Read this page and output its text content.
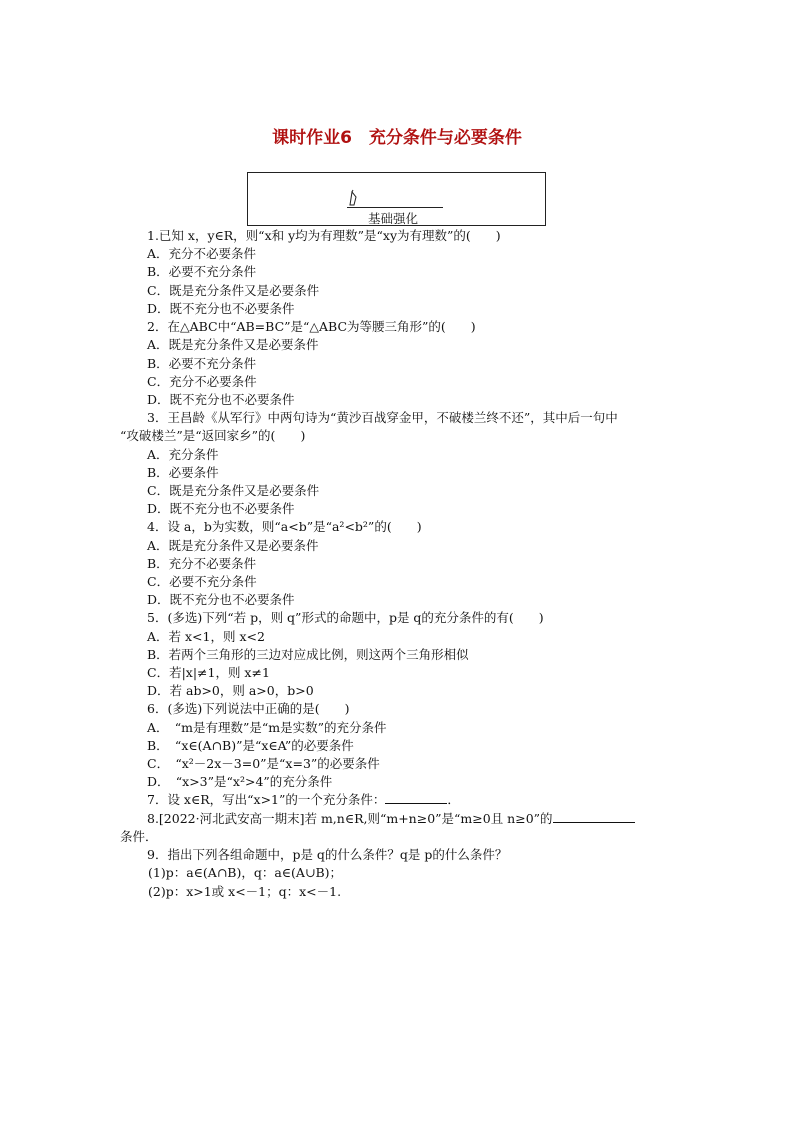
课时作业6　充分条件与必要条件
基础强化
1.已知 x，y∈R，则“x和 y均为有理数”是“xy为有理数”的(　　)
A．充分不必要条件
B．必要不充分条件
C．既是充分条件又是必要条件
D．既不充分也不必要条件
2．在△ABC中“AB=BC”是“△ABC为等腰三角形”的(　　)
A．既是充分条件又是必要条件
B．必要不充分条件
C．充分不必要条件
D．既不充分也不必要条件
3．王昌龄《从军行》中两句诗为“黄沙百战穿金甲，不破楼兰终不还”，其中后一句中
“攻破楼兰”是“返回家乡”的(　　)
A．充分条件
B．必要条件
C．既是充分条件又是必要条件
D．既不充分也不必要条件
4．设 a，b为实数，则“a<b”是“a²<b²”的(　　)
A．既是充分条件又是必要条件
B．充分不必要条件
C．必要不充分条件
D．既不充分也不必要条件
5．(多选)下列“若 p，则 q”形式的命题中，p是 q的充分条件的有(　　)
A．若 x<1，则 x<2
B．若两个三角形的三边对应成比例，则这两个三角形相似
C．若|x|≠1，则 x≠1
D．若 ab>0，则 a>0，b>0
6．(多选)下列说法中正确的是(　　)
A．　“m是有理数”是“m是实数”的充分条件
B．　“x∈(A∩B)”是“x∈A”的必要条件
C．　“x²－2x－3=0”是“x=3”的必要条件
D．　“x>3”是“x²>4”的充分条件
7．设 x∈R，写出“x>1”的一个充分条件：	．
8.[2022·河北武安高一期末]若 m,n∈R,则“m+n≥0”是“m≥0且 n≥0”的
条件．
9．指出下列各组命题中，p是 q的什么条件？q是 p的什么条件？
(1)p：a∈(A∩B)，q：a∈(A∪B)；
(2)p：x>1或 x<－1；q：x<－1.
